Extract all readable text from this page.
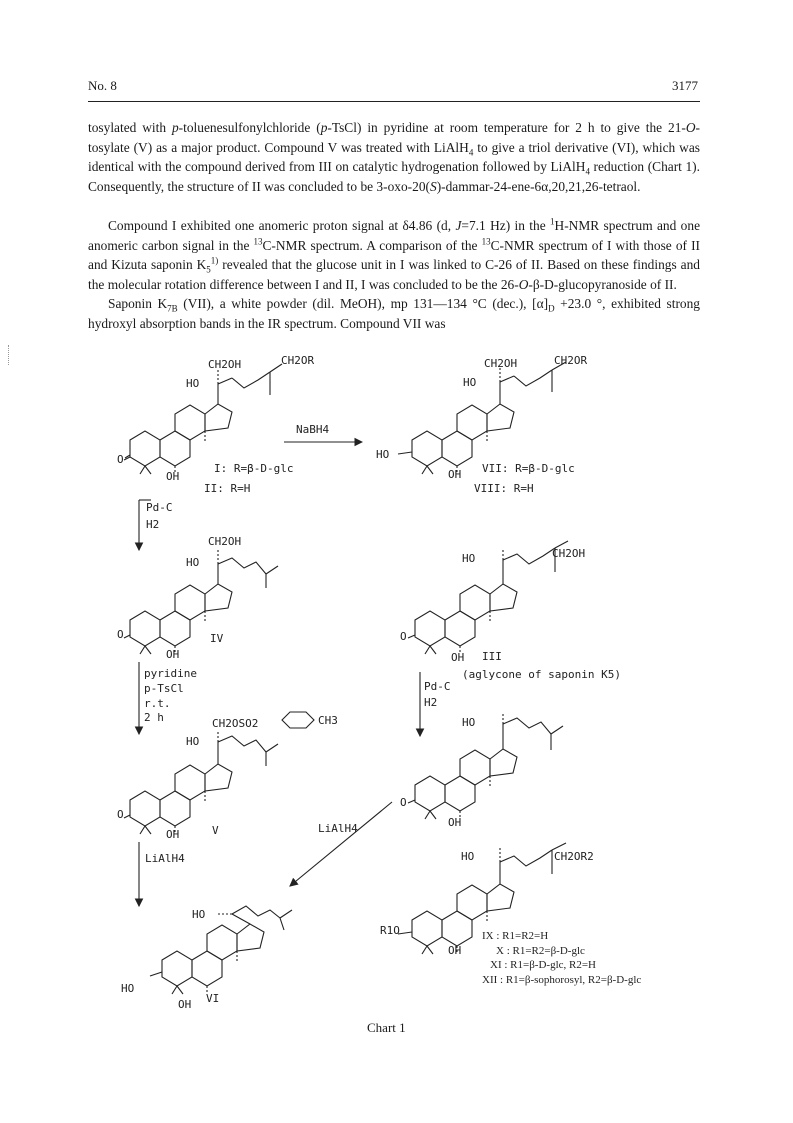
No. 8	3177

tosylated with p-toluenesulfonylchloride (p-TsCl) in pyridine at room temperature for 2 h to give the 21-O-tosylate (V) as a major product. Compound V was treated with LiAlH$_4$ to give a triol derivative (VI), which was identical with the compound derived from III on catalytic hydrogenation followed by LiAlH$_4$ reduction (Chart 1). Consequently, the structure of II was concluded to be 3-oxo-20(S)-dammar-24-ene-6α,20,21,26-tetraol.

Compound I exhibited one anomeric proton signal at δ4.86 (d, J=7.1 Hz) in the $^1$H-NMR spectrum and one anomeric carbon signal in the $^{13}$C-NMR spectrum. A comparison of the $^{13}$C-NMR spectrum of I with those of II and Kizuta saponin $K_5^{1)}$ revealed that the glucose unit in I was linked to C-26 of II. Based on these findings and the molecular rotation difference between I and II, I was concluded to be the 26-O-β-D-glucopyranoside of II.

Saponin $K_{7B}$ (VII), a white powder (dil. MeOH), mp 131—134 °C (dec.), $[\alpha]_D +23.0$ °, exhibited strong hydroxyl absorption bands in the IR spectrum. Compound VII was

CH2OH
HO
CH2OR
O
OH
I: R=β-D-glc
II: R=H
NaBH4
CH2OH
HO
CH2OR
HO
OH VII: R=β-D-glc
VIII: R=H
Pd-C
H2
CH2OH
HO
O
OH
IV
HO	CH2OH
O
OH III
(aglycone of saponin K5)
pyridine
p-TsCl
r.t.
2 h
Pd-C
H2
CH2OSO2	CH3
HO
O
OH	V
HO
O
OH
LiAlH4
LiAlH4
HO
HO
OH VI
HO	CH2OR2
R1O
OH
IX : R1=R2=H
X : R1=R2=β-D-glc
XI : R1=β-D-glc, R2=H
XII : R1=β-sophorosyl, R2=β-D-glc
Chart 1
